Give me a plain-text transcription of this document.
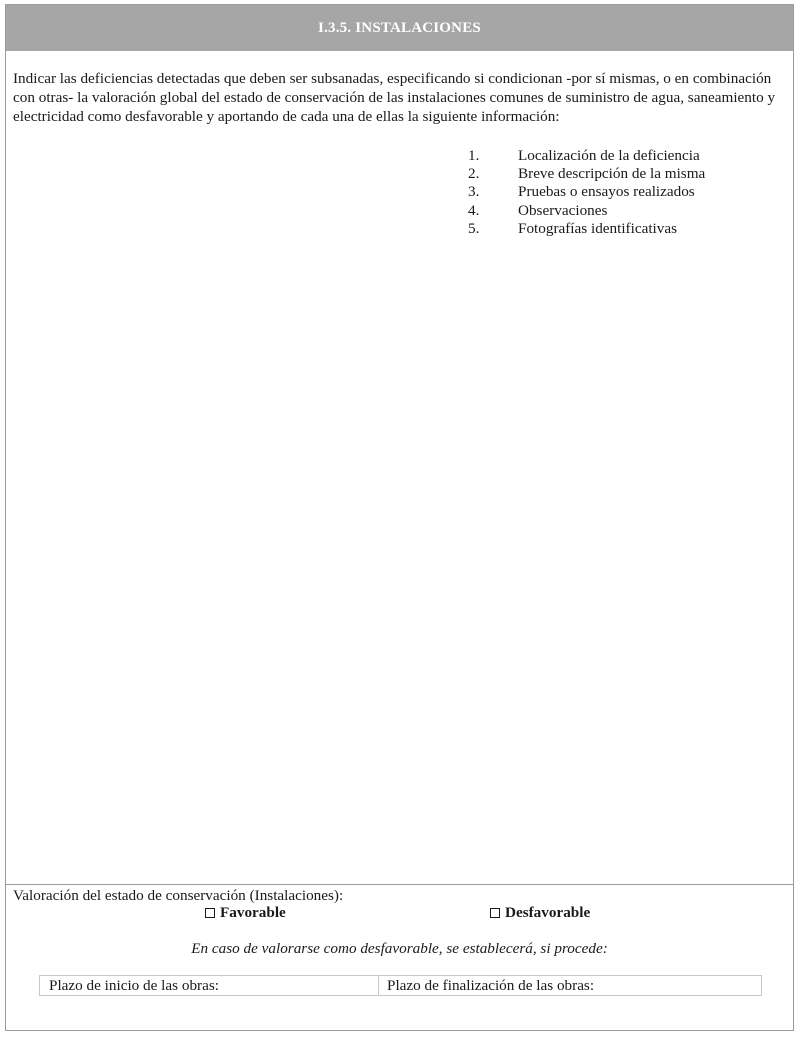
I.3.5. INSTALACIONES
Indicar las deficiencias detectadas que deben ser subsanadas, especificando si condicionan -por sí mismas, o en combinación con otras- la valoración global del estado de conservación de las instalaciones comunes de suministro de agua, saneamiento y electricidad como desfavorable y aportando de cada una de ellas la siguiente información:
1.	Localización de la deficiencia
2.	Breve descripción de la misma
3.	Pruebas o ensayos realizados
4.	Observaciones
5.	Fotografías identificativas
Valoración del estado de conservación (Instalaciones):
Favorable	Desfavorable
En caso de valorarse como desfavorable, se establecerá, si procede:
Plazo de inicio de las obras:	Plazo de finalización de las obras:
